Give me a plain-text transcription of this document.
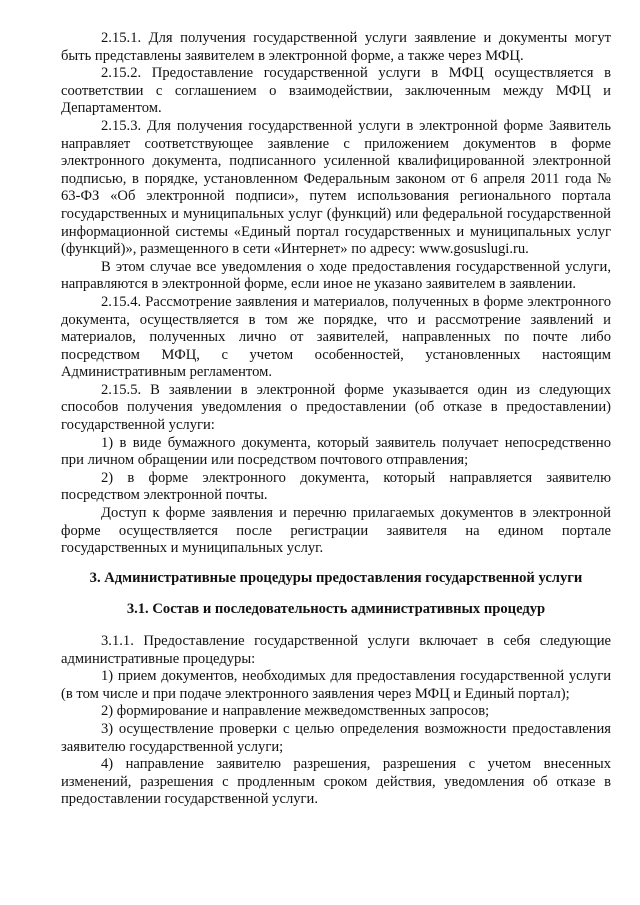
2.15.1. Для получения государственной услуги заявление и документы могут быть представлены заявителем в электронной форме, а также через МФЦ.

2.15.2. Предоставление государственной услуги в МФЦ осуществляется в соответствии с соглашением о взаимодействии, заключенным между МФЦ и Департаментом.

2.15.3. Для получения государственной услуги в электронной форме Заявитель направляет соответствующее заявление с приложением документов в форме электронного документа, подписанного усиленной квалифицированной электронной подписью, в порядке, установленном Федеральным законом от 6 апреля 2011 года № 63-ФЗ «Об электронной подписи», путем использования регионального портала государственных и муниципальных услуг (функций) или федеральной государственной информационной системы «Единый портал государственных и муниципальных услуг (функций)», размещенного в сети «Интернет» по адресу: www.gosuslugi.ru.

В этом случае все уведомления о ходе предоставления государственной услуги, направляются в электронной форме, если иное не указано заявителем в заявлении.

2.15.4. Рассмотрение заявления и материалов, полученных в форме электронного документа, осуществляется в том же порядке, что и рассмотрение заявлений и материалов, полученных лично от заявителей, направленных по почте либо посредством МФЦ, с учетом особенностей, установленных настоящим Административным регламентом.

2.15.5. В заявлении в электронной форме указывается один из следующих способов получения уведомления о предоставлении (об отказе в предоставлении) государственной услуги:

1) в виде бумажного документа, который заявитель получает непосредственно при личном обращении или посредством почтового отправления;

2) в форме электронного документа, который направляется заявителю посредством электронной почты.

Доступ к форме заявления и перечню прилагаемых документов в электронной форме осуществляется после регистрации заявителя на едином портале государственных и муниципальных услуг.

3. Административные процедуры предоставления государственной услуги

3.1. Состав и последовательность административных процедур

3.1.1. Предоставление государственной услуги включает в себя следующие административные процедуры:

1) прием документов, необходимых для предоставления государственной услуги (в том числе и при подаче электронного заявления через МФЦ и Единый портал);

2) формирование и направление межведомственных запросов;

3) осуществление проверки с целью определения возможности предоставления заявителю государственной услуги;

4) направление заявителю разрешения, разрешения с учетом внесенных изменений, разрешения с продленным сроком действия, уведомления об отказе в предоставлении государственной услуги.
